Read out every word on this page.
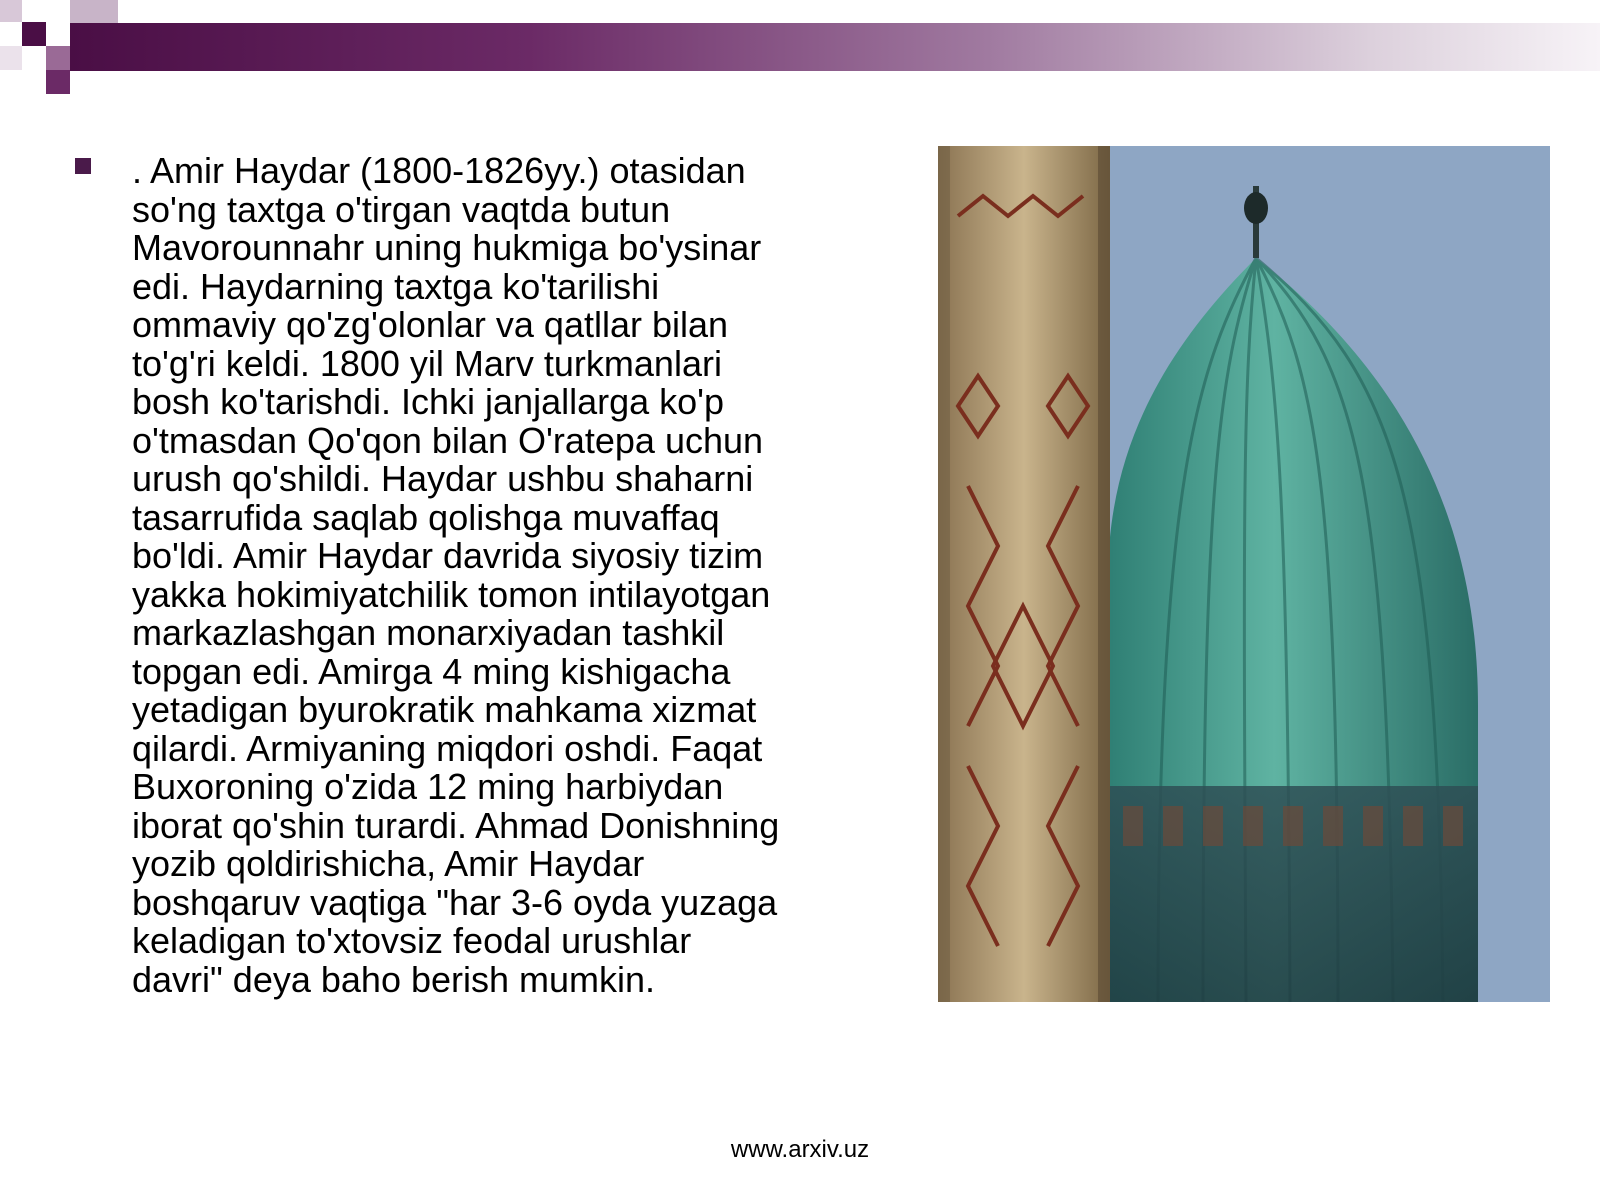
. Amir Haydar (1800-1826yy.) otasidan
so'ng taxtga o'tirgan vaqtda butun
Mavorounnahr uning hukmiga bo'ysinar
edi. Haydarning taxtga ko'tarilishi
ommaviy qo'zg'olonlar va qatllar bilan
to'g'ri keldi. 1800 yil Marv turkmanlari
bosh ko'tarishdi. Ichki janjallarga ko'p
o'tmasdan Qo'qon bilan O'ratepa uchun
urush qo'shildi. Haydar ushbu shaharni
tasarrufida saqlab qolishga muvaffaq
bo'ldi. Amir Haydar davrida siyosiy tizim
yakka hokimiyatchilik tomon intilayotgan
markazlashgan monarxiyadan tashkil
topgan edi. Amirga 4 ming kishigacha
yetadigan byurokratik mahkama xizmat
qilardi. Armiyaning miqdori oshdi. Faqat
Buxoroning o'zida 12 ming harbiydan
iborat qo'shin turardi. Ahmad Donishning
yozib qoldirishicha, Amir Haydar
boshqaruv vaqtiga "har 3-6 oyda yuzaga
keladigan to'xtovsiz feodal urushlar
davri" deya baho berish mumkin.
www.arxiv.uz
